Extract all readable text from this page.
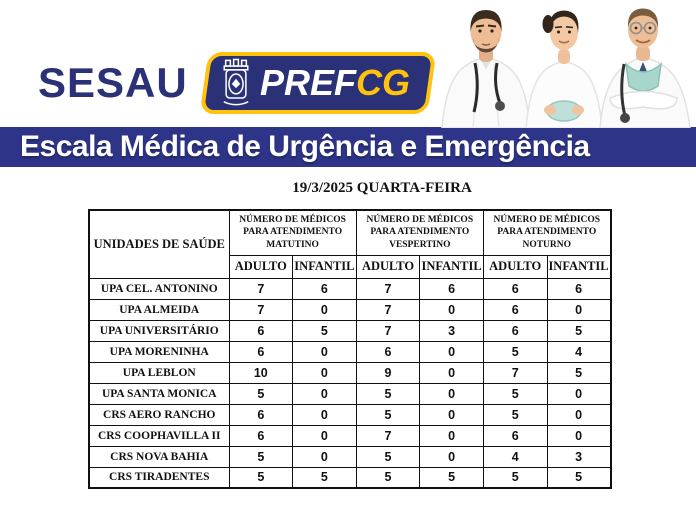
SESAU PREFCG
Escala Médica de Urgência e Emergência
19/3/2025 QUARTA-FEIRA
UNIDADES DE SAÚDE	NÚMERO DE MÉDICOS PARA ATENDIMENTO MATUTINO		NÚMERO DE MÉDICOS PARA ATENDIMENTO VESPERTINO		NÚMERO DE MÉDICOS PARA ATENDIMENTO NOTURNO	
	ADULTO	INFANTIL	ADULTO	INFANTIL	ADULTO	INFANTIL
UPA CEL. ANTONINO	7	6	7	6	6	6
UPA ALMEIDA	7	0	7	0	6	0
UPA UNIVERSITÁRIO	6	5	7	3	6	5
UPA MORENINHA	6	0	6	0	5	4
UPA LEBLON	10	0	9	0	7	5
UPA SANTA MONICA	5	0	5	0	5	0
CRS AERO RANCHO	6	0	5	0	5	0
CRS COOPHAVILLA II	6	0	7	0	6	0
CRS NOVA BAHIA	5	0	5	0	4	3
CRS TIRADENTES	5	5	5	5	5	5
